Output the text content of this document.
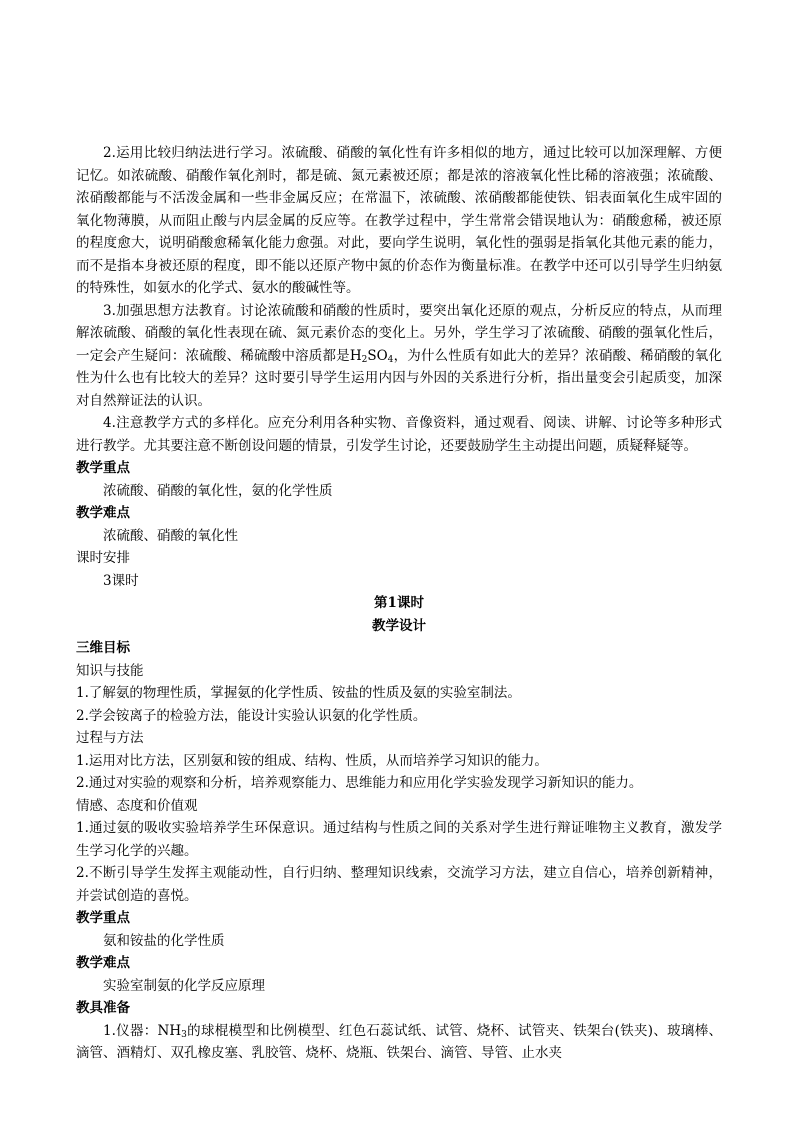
2.运用比较归纳法进行学习。浓硫酸、硝酸的氧化性有许多相似的地方，通过比较可以加深理解、方便记忆。如浓硫酸、硝酸作氧化剂时，都是硫、氮元素被还原；都是浓的溶液氧化性比稀的溶液强；浓硫酸、浓硝酸都能与不活泼金属和一些非金属反应；在常温下，浓硫酸、浓硝酸都能使铁、铝表面氧化生成牢固的氧化物薄膜，从而阻止酸与内层金属的反应等。在教学过程中，学生常常会错误地认为：硝酸愈稀，被还原的程度愈大，说明硝酸愈稀氧化能力愈强。对此，要向学生说明，氧化性的强弱是指氧化其他元素的能力，而不是指本身被还原的程度，即不能以还原产物中氮的价态作为衡量标准。在教学中还可以引导学生归纳氨的特殊性，如氨水的化学式、氨水的酸碱性等。

3.加强思想方法教育。讨论浓硫酸和硝酸的性质时，要突出氧化还原的观点，分析反应的特点，从而理解浓硫酸、硝酸的氧化性表现在硫、氮元素价态的变化上。另外，学生学习了浓硫酸、硝酸的强氧化性后，一定会产生疑问：浓硫酸、稀硫酸中溶质都是$H_2SO_4$，为什么性质有如此大的差异？浓硝酸、稀硝酸的氧化性为什么也有比较大的差异？这时要引导学生运用内因与外因的关系进行分析，指出量变会引起质变，加深对自然辩证法的认识。

4.注意教学方式的多样化。应充分利用各种实物、音像资料，通过观看、阅读、讲解、讨论等多种形式进行教学。尤其要注意不断创设问题的情景，引发学生讨论，还要鼓励学生主动提出问题，质疑释疑等。

教学重点

浓硫酸、硝酸的氧化性，氨的化学性质

教学难点

浓硫酸、硝酸的氧化性

课时安排

3课时

第1课时

教学设计

三维目标

知识与技能

1.了解氨的物理性质，掌握氨的化学性质、铵盐的性质及氨的实验室制法。

2.学会铵离子的检验方法，能设计实验认识氨的化学性质。

过程与方法

1.运用对比方法，区别氨和铵的组成、结构、性质，从而培养学习知识的能力。

2.通过对实验的观察和分析，培养观察能力、思维能力和应用化学实验发现学习新知识的能力。

情感、态度和价值观

1.通过氨的吸收实验培养学生环保意识。通过结构与性质之间的关系对学生进行辩证唯物主义教育，激发学生学习化学的兴趣。

2.不断引导学生发挥主观能动性，自行归纳、整理知识线索，交流学习方法，建立自信心，培养创新精神，并尝试创造的喜悦。

教学重点

氨和铵盐的化学性质

教学难点

实验室制氨的化学反应原理

教具准备

1.仪器：$NH_3$的球棍模型和比例模型、红色石蕊试纸、试管、烧杯、试管夹、铁架台(铁夹)、玻璃棒、滴管、酒精灯、双孔橡皮塞、乳胶管、烧杯、烧瓶、铁架台、滴管、导管、止水夹
